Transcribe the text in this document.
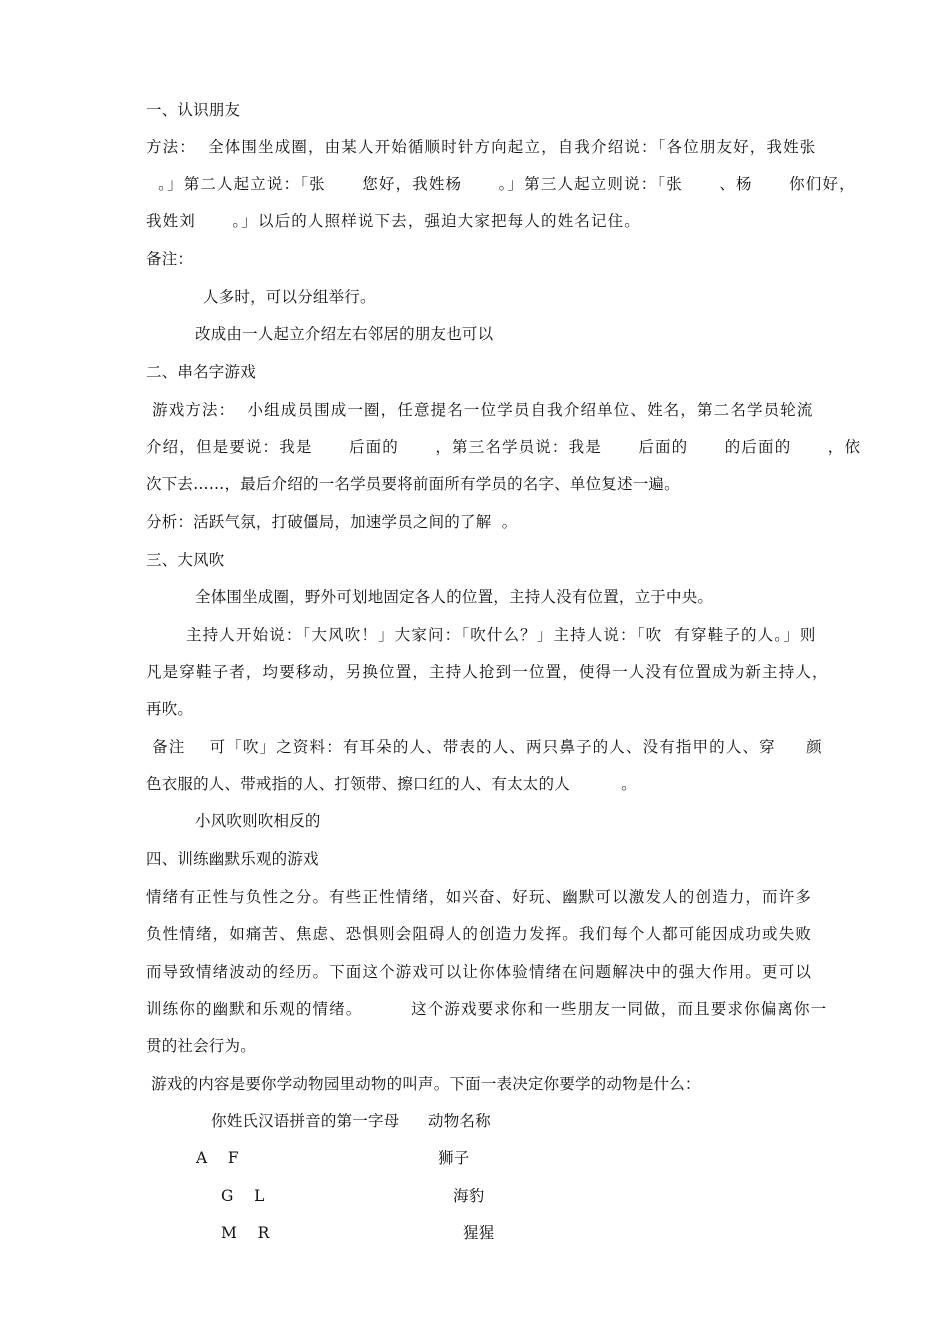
一、认识朋友
方法：  全体围坐成圈，由某人开始循顺时针方向起立，自我介绍说：「各位朋友好，我姓张
。」第二人起立说：「张      您好，我姓杨      。」第三人起立则说：「张      、杨      你们好，
我姓刘      。」以后的人照样说下去，强迫大家把每人的姓名记住。
备注：
人多时，可以分组举行。
改成由一人起立介绍左右邻居的朋友也可以
二、串名字游戏
游戏方法：  小组成员围成一圈，任意提名一位学员自我介绍单位、姓名，第二名学员轮流
介绍，但是要说：我是      后面的      ，第三名学员说：我是      后面的      的后面的      ，依
次下去……，最后介绍的一名学员要将前面所有学员的名字、单位复述一遍。
分析：活跃气氛，打破僵局，加速学员之间的了解  。
三、大风吹
全体围坐成圈，野外可划地固定各人的位置，主持人没有位置，立于中央。
主持人开始说：「大风吹！」大家问：「吹什么？」主持人说：「吹  有穿鞋子的人。」则
凡是穿鞋子者，均要移动，另换位置，主持人抢到一位置，使得一人没有位置成为新主持人，
再吹。
备注    可「吹」之资料：有耳朵的人、带表的人、两只鼻子的人、没有指甲的人、穿     颜
色衣服的人、带戒指的人、打领带、擦口红的人、有太太的人          。
小风吹则吹相反的
四、训练幽默乐观的游戏
情绪有正性与负性之分。有些正性情绪，如兴奋、好玩、幽默可以激发人的创造力，而许多
负性情绪，如痛苦、焦虑、恐惧则会阻碍人的创造力发挥。我们每个人都可能因成功或失败
而导致情绪波动的经历。下面这个游戏可以让你体验情绪在问题解决中的强大作用。更可以
训练你的幽默和乐观的情绪。        这个游戏要求你和一些朋友一同做，而且要求你偏离你一
贯的社会行为。
游戏的内容是要你学动物园里动物的叫声。下面一表决定你要学的动物是什么：
你姓氏汉语拼音的第一字母 动物名称
A    F	狮子
G    L	海豹
M    R	猩猩
